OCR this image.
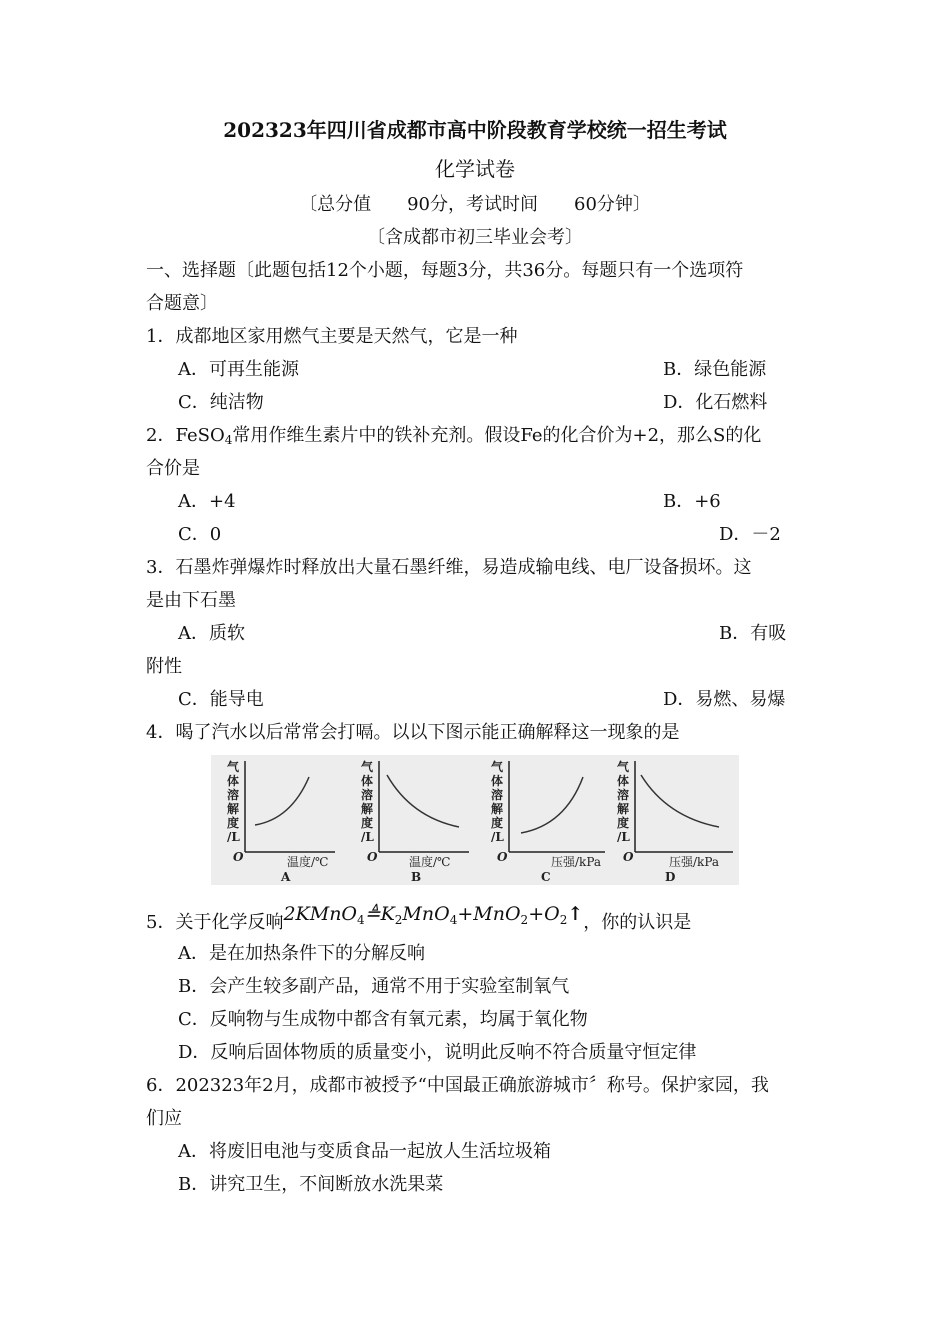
202323年四川省成都市高中阶段教育学校统一招生考试
化学试卷
〔总分值　　90分，考试时间　　60分钟〕
〔含成都市初三毕业会考〕
一、选择题〔此题包括12个小题，每题3分，共36分。每题只有一个选项符
合题意〕
1．成都地区家用燃气主要是天然气，它是一种
A．可再生能源	B．绿色能源
C．纯洁物	D．化石燃料
2．FeSO$_4$常用作维生素片中的铁补充剂。假设Fe的化合价为+2，那么S的化
合价是
A．+4	B．+6
C．0	D．－2
3．石墨炸弹爆炸时释放出大量石墨纤维，易造成输电线、电厂设备损坏。这
是由下石墨
A．质软	B．有吸
附性
C．能导电	D．易燃、易爆
4．喝了汽水以后常常会打嗝。以以下图示能正确解释这一现象的是
气
体
溶
解
度
/L
O	温度/℃
A
气
体
溶
解
度
/L
O	温度/℃
B
气
体
溶
解
度
/L
O	压强/kPa
C
气
体
溶
解
度
/L
O	压强/kPa
D
5．关于化学反响$2KMnO_4≜K_2MnO_4+MnO_2+O_2↑$，你的认识是
A．是在加热条件下的分解反响
B．会产生较多副产品，通常不用于实验室制氧气
C．反响物与生成物中都含有氧元素，均属于氧化物
D．反响后固体物质的质量变小，说明此反响不符合质量守恒定律
6．202323年2月，成都市被授予“中国最正确旅游城市〞称号。保护家园，我
们应
A．将废旧电池与变质食品一起放人生活垃圾箱
B．讲究卫生，不间断放水洗果菜
